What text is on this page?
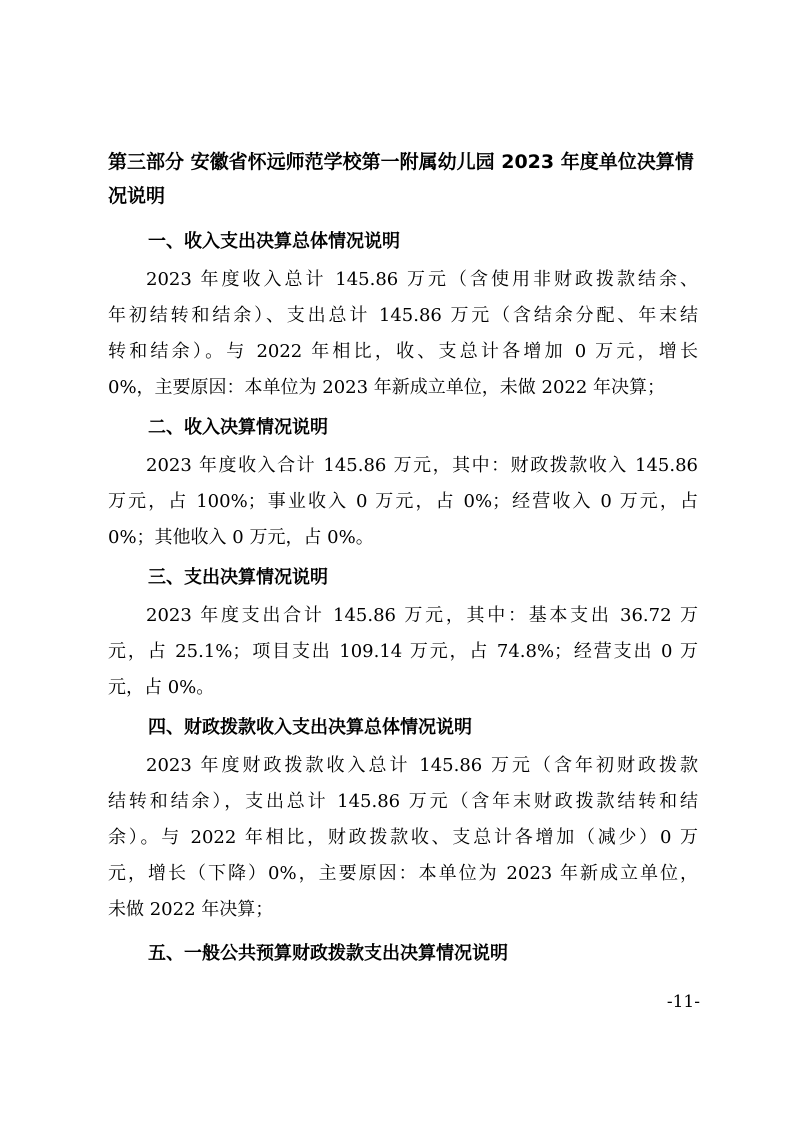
第三部分 安徽省怀远师范学校第一附属幼儿园 2023 年度单位决算情况说明
一、收入支出决算总体情况说明
2023 年度收入总计 145.86 万元（含使用非财政拨款结余、
年初结转和结余）、支出总计 145.86 万元（含结余分配、年末结
转和结余）。与 2022 年相比，收、支总计各增加 0 万元，增长
0%，主要原因：本单位为 2023 年新成立单位，未做 2022 年决算；
二、收入决算情况说明
2023 年度收入合计 145.86 万元，其中：财政拨款收入 145.86
万元，占 100%；事业收入 0 万元，占 0%；经营收入 0 万元，占
0%；其他收入 0 万元，占 0%。
三、支出决算情况说明
2023 年度支出合计 145.86 万元，其中：基本支出 36.72 万
元，占 25.1%；项目支出 109.14 万元，占 74.8%；经营支出 0 万
元，占 0%。
四、财政拨款收入支出决算总体情况说明
2023 年度财政拨款收入总计 145.86 万元（含年初财政拨款
结转和结余），支出总计 145.86 万元（含年末财政拨款结转和结
余）。与 2022 年相比，财政拨款收、支总计各增加（减少）0 万
元，增长（下降）0%，主要原因：本单位为 2023 年新成立单位，
未做 2022 年决算；
五、一般公共预算财政拨款支出决算情况说明
-11-
